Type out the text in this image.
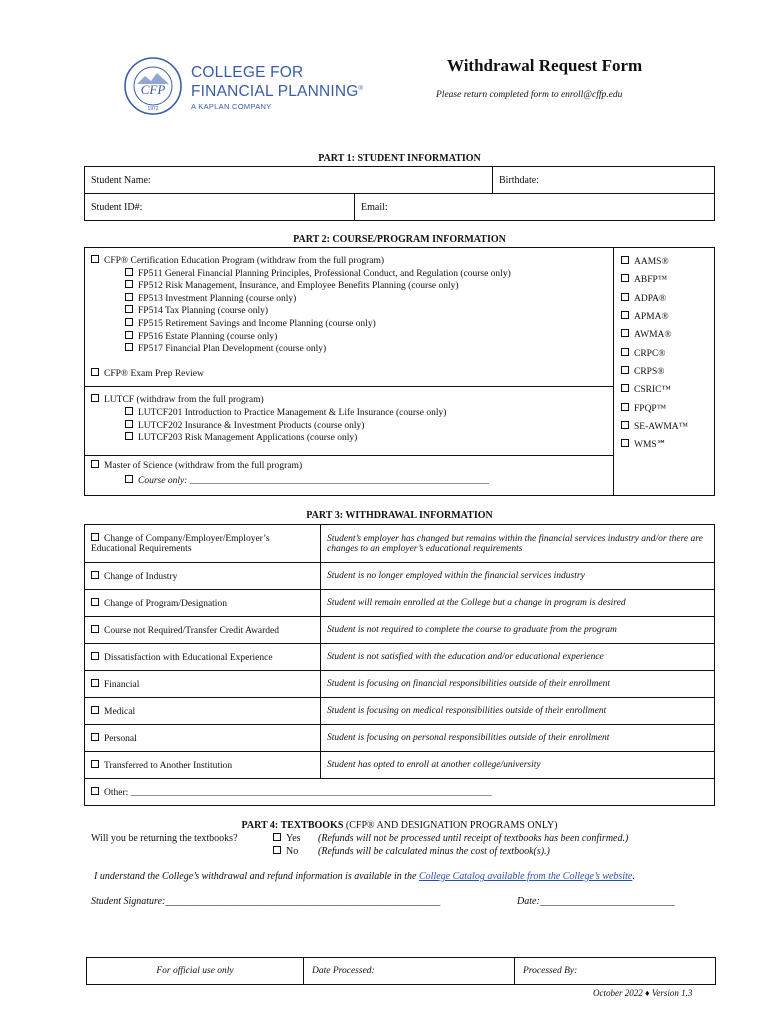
CFP
1972
COLLEGE FOR
FINANCIAL PLANNING®
A KAPLAN COMPANY
Withdrawal Request Form
Please return completed form to enroll@cffp.edu
PART 1: STUDENT INFORMATION
Student Name:	Birthdate:
Student ID#:	Email:
PART 2: COURSE/PROGRAM INFORMATION
CFP® Certification Education Program (withdraw from the full program)
FP511 General Financial Planning Principles, Professional Conduct, and Regulation (course only)
FP512 Risk Management, Insurance, and Employee Benefits Planning (course only)
FP513 Investment Planning (course only)
FP514 Tax Planning (course only)
FP515 Retirement Savings and Income Planning (course only)
FP516 Estate Planning (course only)
FP517 Financial Plan Development (course only)
CFP® Exam Prep Review
LUTCF (withdraw from the full program)
LUTCF201 Introduction to Practice Management & Life Insurance (course only)
LUTCF202 Insurance & Investment Products (course only)
LUTCF203 Risk Management Applications (course only)
Master of Science (withdraw from the full program)
Course only: _______________________________________________________________
AAMS®
ABFP™
ADPA®
APMA®
AWMA®
CRPC®
CRPS®
CSRIC™
FPQP™
SE-AWMA™
WMS℠
PART 3: WITHDRAWAL INFORMATION
Change of Company/Employer/Employer’s Educational Requirements	Student’s employer has changed but remains within the financial services industry and/or there are changes to an employer’s educational requirements
Change of Industry	Student is no longer employed within the financial services industry
Change of Program/Designation	Student will remain enrolled at the College but a change in program is desired
Course not Required/Transfer Credit Awarded	Student is not required to complete the course to graduate from the program
Dissatisfaction with Educational Experience	Student is not satisfied with the education and/or educational experience
Financial	Student is focusing on financial responsibilities outside of their enrollment
Medical	Student is focusing on medical responsibilities outside of their enrollment
Personal	Student is focusing on personal responsibilities outside of their enrollment
Transferred to Another Institution	Student has opted to enroll at another college/university
Other: ____________________________________________________________________________	
PART 4: TEXTBOOKS (CFP® AND DESIGNATION PROGRAMS ONLY)
Will you be returning the textbooks?	Yes (Refunds will not be processed until receipt of textbooks has been confirmed.)
No (Refunds will be calculated minus the cost of textbook(s).)
I understand the College’s withdrawal and refund information is available in the College Catalog available from the College’s website.
Student Signature:_______________________________________________________	Date:___________________________
For official use only	Date Processed:	Processed By:
October 2022 ♦ Version 1.3
